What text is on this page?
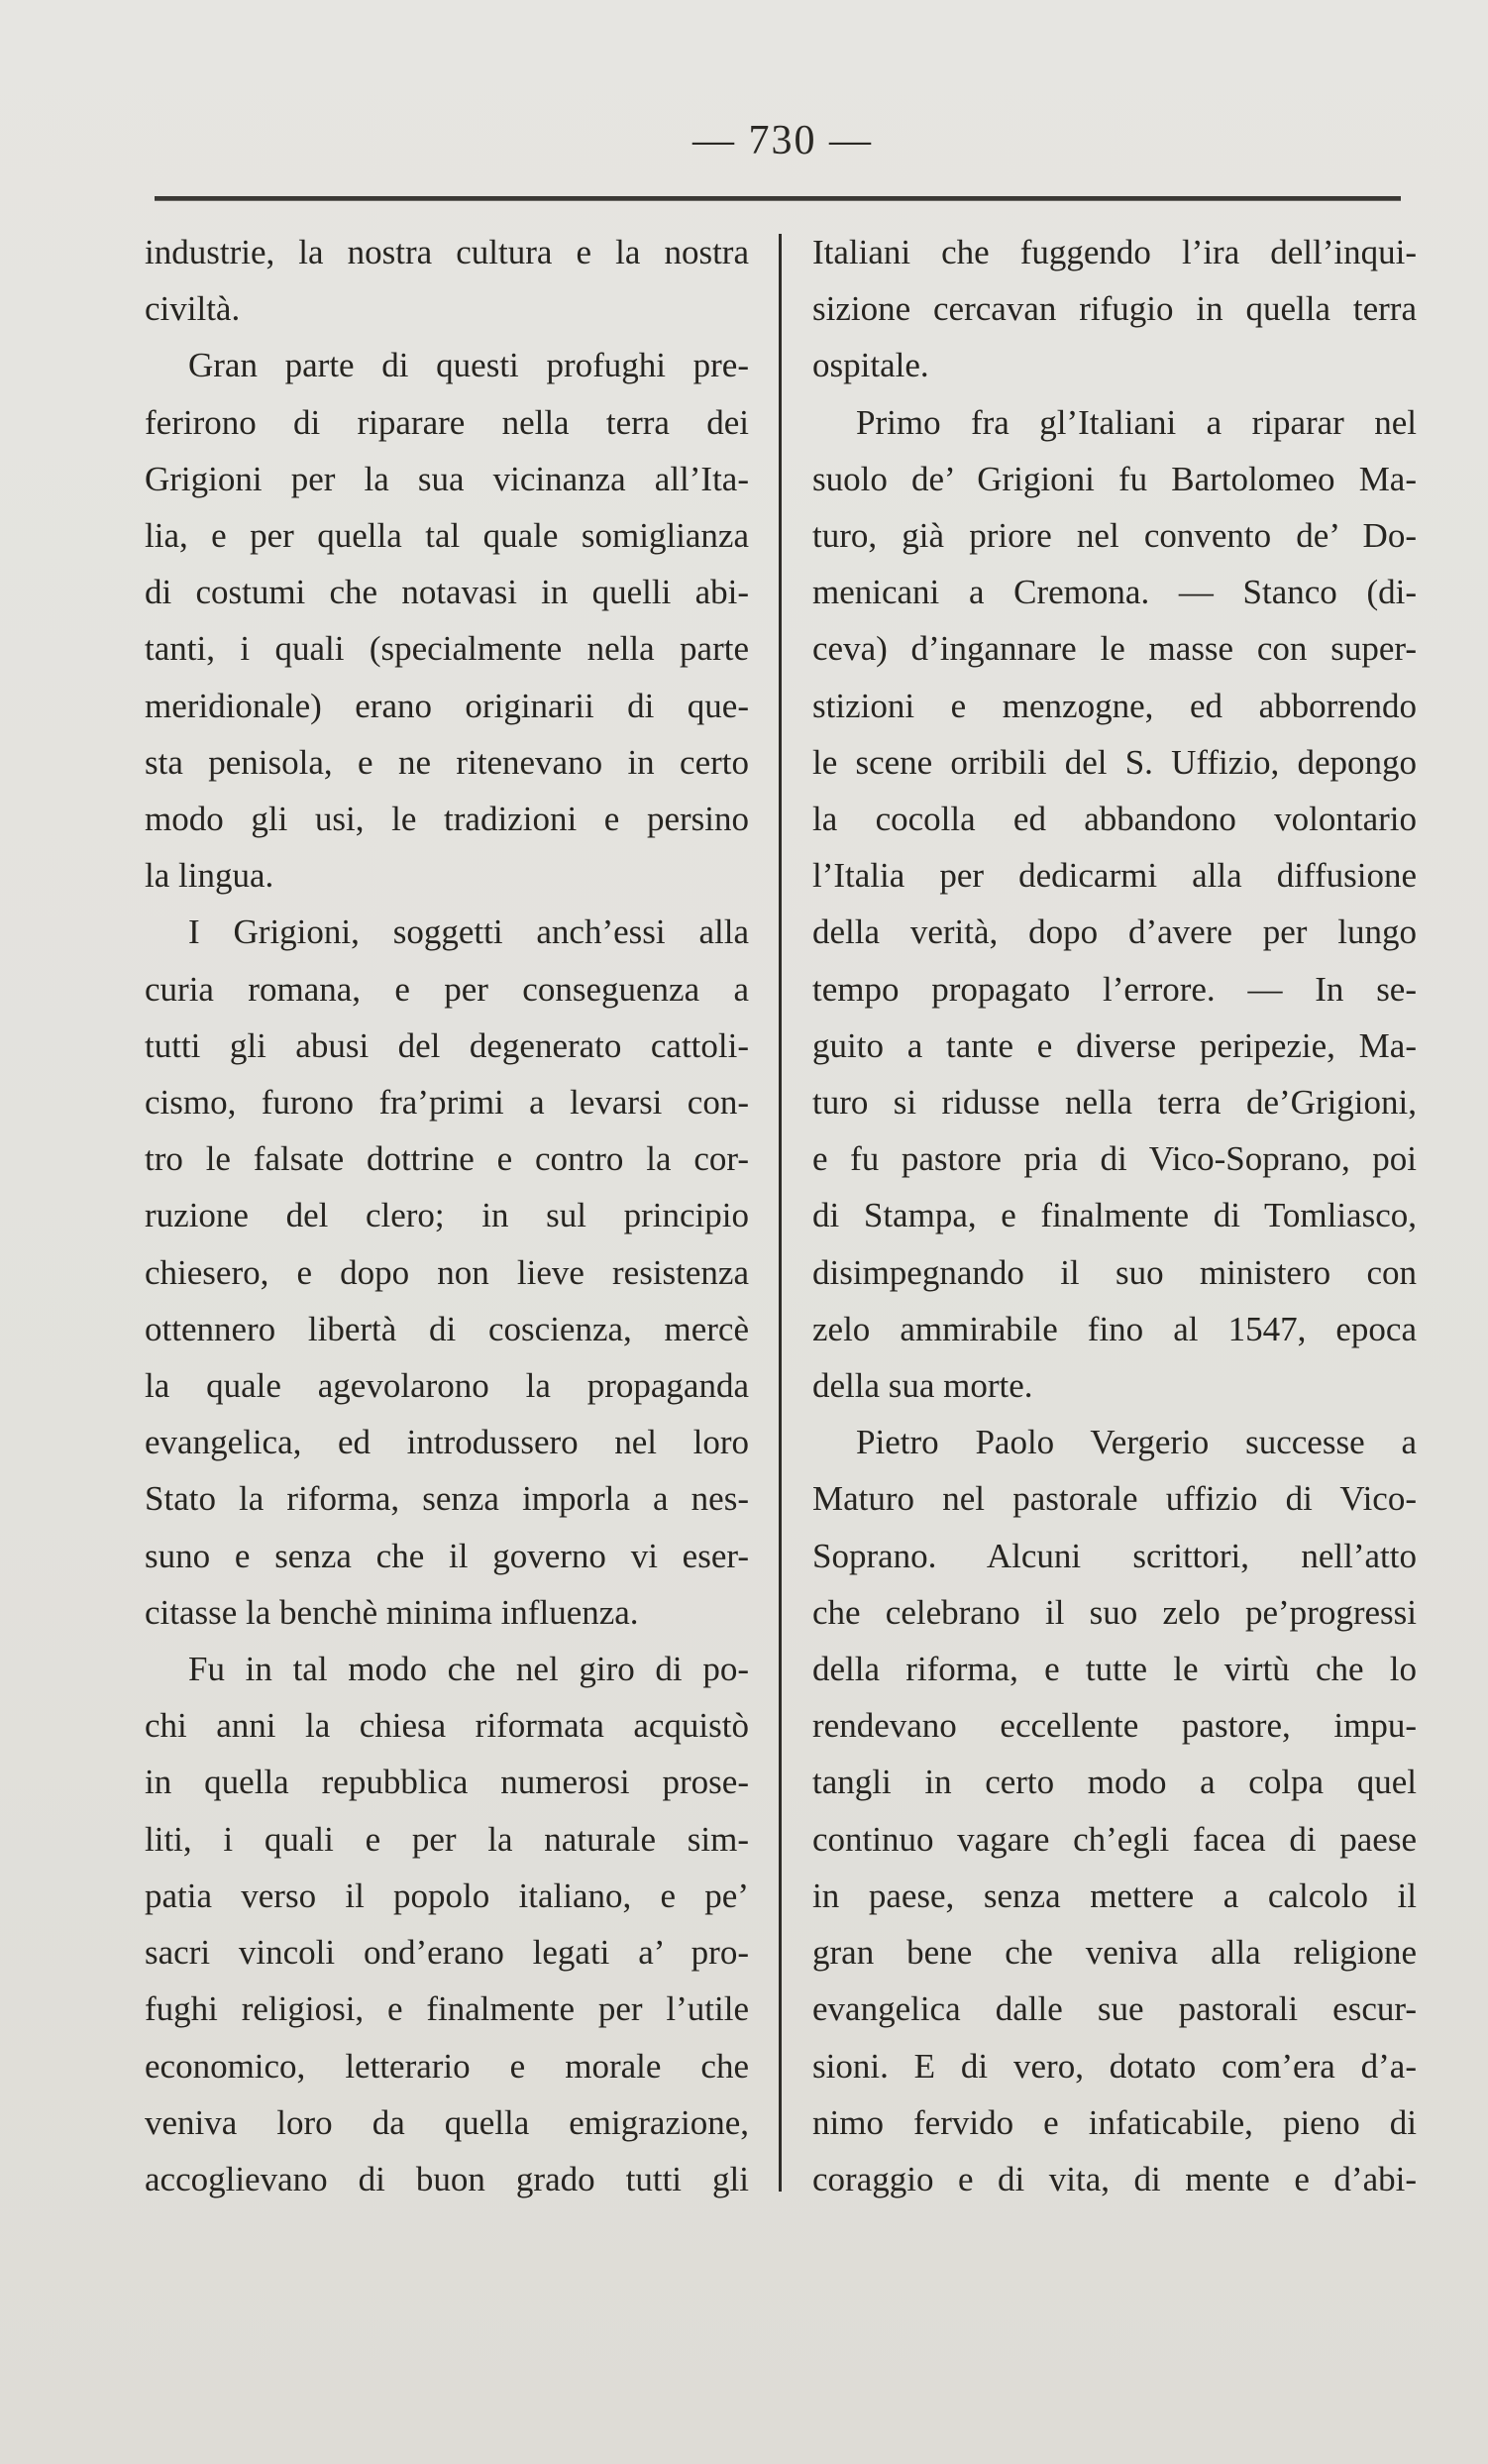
— 730 —

industrie, la nostra cultura e la nostra
civiltà.

Gran parte di questi profughi pre-
ferirono di riparare nella terra dei
Grigioni per la sua vicinanza all’Ita-
lia, e per quella tal quale somiglianza
di costumi che notavasi in quelli abi-
tanti, i quali (specialmente nella parte
meridionale) erano originarii di que-
sta penisola, e ne ritenevano in certo
modo gli usi, le tradizioni e persino
la lingua.

I Grigioni, soggetti anch’essi alla
curia romana, e per conseguenza a
tutti gli abusi del degenerato cattoli-
cismo, furono fra’primi a levarsi con-
tro le falsate dottrine e contro la cor-
ruzione del clero; in sul principio
chiesero, e dopo non lieve resistenza
ottennero libertà di coscienza, mercè
la quale agevolarono la propaganda
evangelica, ed introdussero nel loro
Stato la riforma, senza imporla a nes-
suno e senza che il governo vi eser-
citasse la benchè minima influenza.

Fu in tal modo che nel giro di po-
chi anni la chiesa riformata acquistò
in quella repubblica numerosi prose-
liti, i quali e per la naturale sim-
patia verso il popolo italiano, e pe’
sacri vincoli ond’erano legati a’ pro-
fughi religiosi, e finalmente per l’utile
economico, letterario e morale che
veniva loro da quella emigrazione,
accoglievano di buon grado tutti gli

Italiani che fuggendo l’ira dell’inqui-
sizione cercavan rifugio in quella terra
ospitale.

Primo fra gl’Italiani a riparar nel
suolo de’ Grigioni fu Bartolomeo Ma-
turo, già priore nel convento de’ Do-
menicani a Cremona. — Stanco (di-
ceva) d’ingannare le masse con super-
stizioni e menzogne, ed abborrendo
le scene orribili del S. Uffizio, depongo
la cocolla ed abbandono volontario
l’Italia per dedicarmi alla diffusione
della verità, dopo d’avere per lungo
tempo propagato l’errore. — In se-
guito a tante e diverse peripezie, Ma-
turo si ridusse nella terra de’Grigioni,
e fu pastore pria di Vico-Soprano, poi
di Stampa, e finalmente di Tomliasco,
disimpegnando il suo ministero con
zelo ammirabile fino al 1547, epoca
della sua morte.

Pietro Paolo Vergerio successe a
Maturo nel pastorale uffizio di Vico-
Soprano. Alcuni scrittori, nell’atto
che celebrano il suo zelo pe’progressi
della riforma, e tutte le virtù che lo
rendevano eccellente pastore, impu-
tangli in certo modo a colpa quel
continuo vagare ch’egli facea di paese
in paese, senza mettere a calcolo il
gran bene che veniva alla religione
evangelica dalle sue pastorali escur-
sioni. E di vero, dotato com’era d’a-
nimo fervido e infaticabile, pieno di
coraggio e di vita, di mente e d’abi-
